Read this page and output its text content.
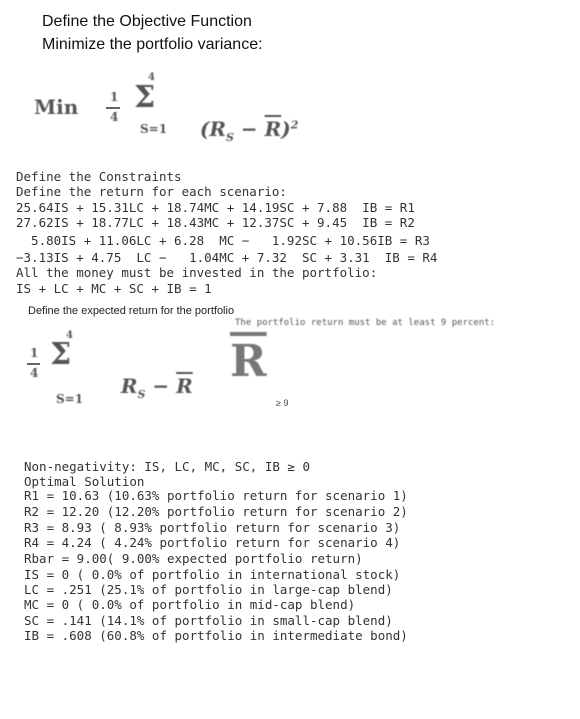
Define the Objective Function
Minimize the portfolio variance:
Min	1
4
4
Σ
S=1	$(R_S - \overline{R})^2$

Define the Constraints
Define the return for each scenario:
25.64IS + 15.31LC + 18.74MC + 14.19SC + 7.88  IB = R1
27.62IS + 18.77LC + 18.43MC + 12.37SC + 9.45  IB = R2
5.80IS + 11.06LC + 6.28  MC −   1.92SC + 10.56IB = R3
−3.13IS + 4.75  LC −   1.04MC + 7.32  SC + 3.31  IB = R4
All the money must be invested in the portfolio:
IS + LC + MC + SC + IB = 1
Define the expected return for the portfolio
The portfolio return must be at least 9 percent:
1
4
4
Σ
S=1

$R_S - \overline{R}$
$\overline{R}$
≥ 9
Non-negativity: IS, LC, MC, SC, IB ≥ 0
Optimal Solution
R1 = 10.63 (10.63% portfolio return for scenario 1)
R2 = 12.20 (12.20% portfolio return for scenario 2)
R3 = 8.93 ( 8.93% portfolio return for scenario 3)
R4 = 4.24 ( 4.24% portfolio return for scenario 4)
Rbar = 9.00( 9.00% expected portfolio return)
IS = 0 ( 0.0% of portfolio in international stock)
LC = .251 (25.1% of portfolio in large-cap blend)
MC = 0 ( 0.0% of portfolio in mid-cap blend)
SC = .141 (14.1% of portfolio in small-cap blend)
IB = .608 (60.8% of portfolio in intermediate bond)
